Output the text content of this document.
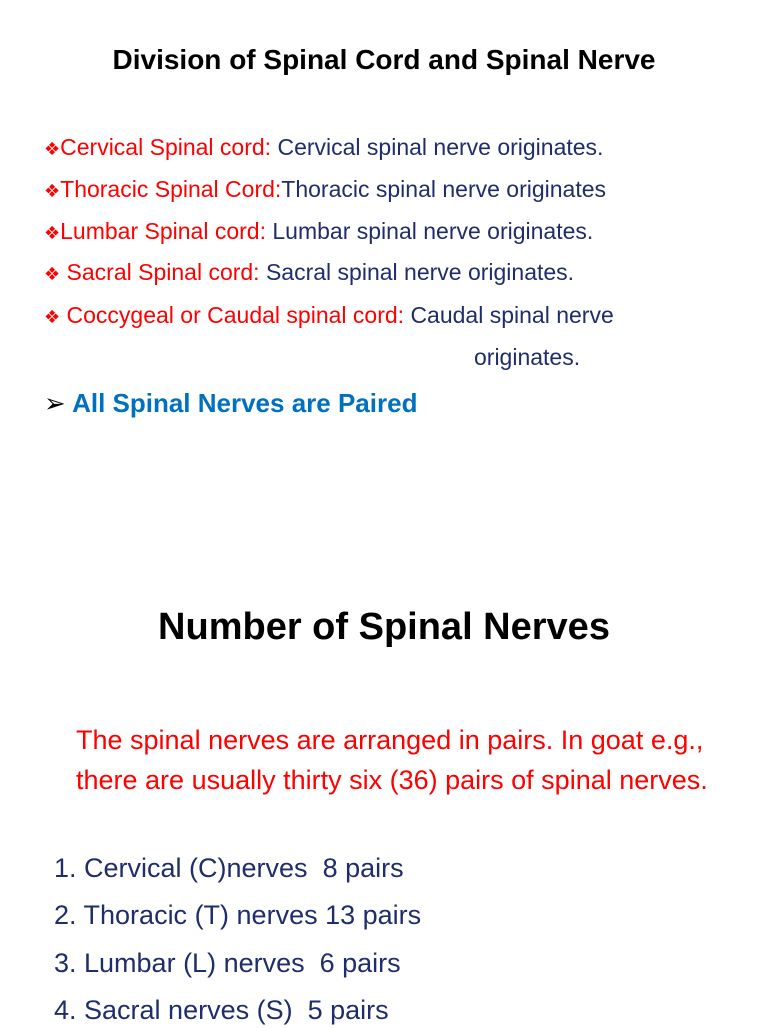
Division of Spinal Cord and Spinal Nerve
❖Cervical Spinal cord: Cervical spinal nerve originates.
❖Thoracic Spinal Cord:Thoracic spinal nerve originates
❖Lumbar Spinal cord: Lumbar spinal nerve originates.
❖ Sacral Spinal cord: Sacral spinal nerve originates.
❖ Coccygeal or Caudal spinal cord: Caudal spinal nerve
originates.
➢ All Spinal Nerves are Paired
Number of Spinal Nerves
The spinal nerves are arranged in pairs. In goat e.g., there are usually thirty six (36) pairs of spinal nerves.
1. Cervical (C)nerves  8 pairs
2. Thoracic (T) nerves 13 pairs
3. Lumbar (L) nerves  6 pairs
4. Sacral nerves (S)  5 pairs
